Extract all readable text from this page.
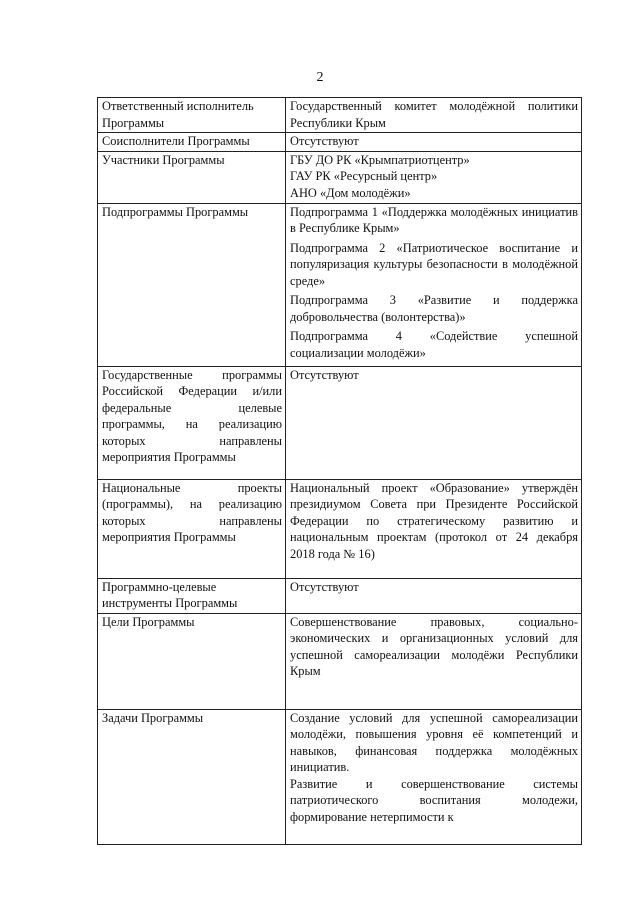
2
Ответственный исполнитель Программы	Государственный комитет молодёжной политики Республики Крым

Соисполнители Программы	Отсутствуют

Участники Программы	ГБУ ДО РК «Крымпатриотцентр»
ГАУ РК «Ресурсный центр»
АНО «Дом молодёжи»

Подпрограммы Программы	Подпрограмма 1 «Поддержка молодёжных инициатив в Республике Крым»
Подпрограмма 2 «Патриотическое воспитание и популяризация культуры безопасности в молодёжной среде»
Подпрограмма 3 «Развитие и поддержка добровольчества (волонтерства)»
Подпрограмма 4 «Содействие успешной социализации молодёжи»

Государственные программы Российской Федерации и/или федеральные целевые программы, на реализацию которых направлены мероприятия Программы	Отсутствуют

Национальные проекты (программы), на реализацию которых направлены мероприятия Программы	Национальный проект «Образование» утверждён президиумом Совета при Президенте Российской Федерации по стратегическому развитию и национальным проектам (протокол от 24 декабря 2018 года № 16)

Программно-целевые инструменты Программы	Отсутствуют

Цели Программы	Совершенствование правовых, социально-экономических и организационных условий для успешной самореализации молодёжи Республики Крым

Задачи Программы	Создание условий для успешной самореализации молодёжи, повышения уровня её компетенций и навыков, финансовая поддержка молодёжных инициатив.
Развитие и совершенствование системы патриотического воспитания молодежи, формирование нетерпимости к
